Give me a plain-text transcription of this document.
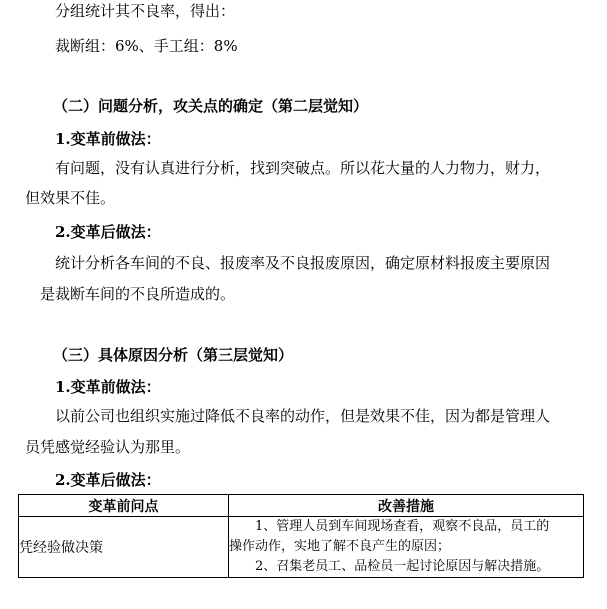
分组统计其不良率，得出：
裁断组：6%、手工组：8%
（二）问题分析，攻关点的确定（第二层觉知）
1.变革前做法：
有问题，没有认真进行分析，找到突破点。所以花大量的人力物力，财力，
但效果不佳。
2.变革后做法：
统计分析各车间的不良、报废率及不良报废原因，确定原材料报废主要原因
是裁断车间的不良所造成的。
（三）具体原因分析（第三层觉知）
1.变革前做法：
以前公司也组织实施过降低不良率的动作，但是效果不佳，因为都是管理人
员凭感觉经验认为那里。
2.变革后做法：
变革前问点	改善措施
凭经验做决策	1、管理人员到车间现场查看，观察不良品，员工的
操作动作，实地了解不良产生的原因；
2、召集老员工、品检员一起讨论原因与解决措施。
